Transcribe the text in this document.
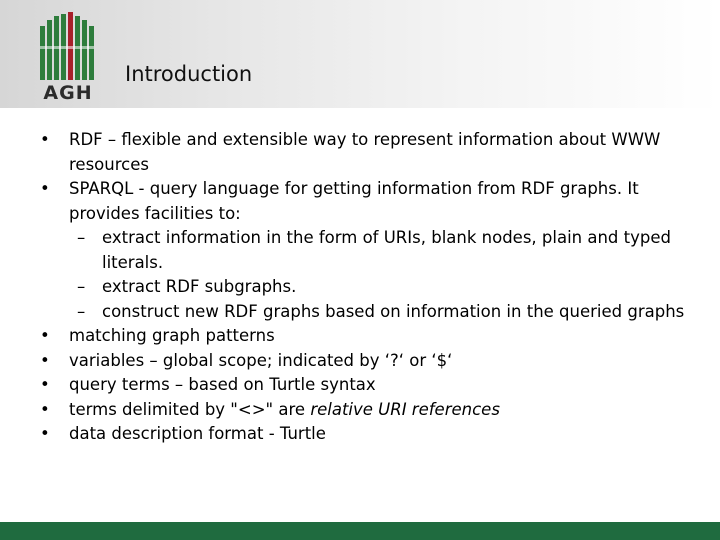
AGH
Introduction
•	RDF – flexible and extensible way to represent information about WWW resources
•	SPARQL - query language for getting information from RDF graphs. It provides facilities to:
– extract information in the form of URIs, blank nodes, plain and typed literals.
– extract RDF subgraphs.
– construct new RDF graphs based on information in the queried graphs
•	matching graph patterns
•	variables – global scope; indicated by ‘?‘ or ‘$‘
•	query terms – based on Turtle syntax
•	terms delimited by "<>" are relative URI references
•	data description format - Turtle
